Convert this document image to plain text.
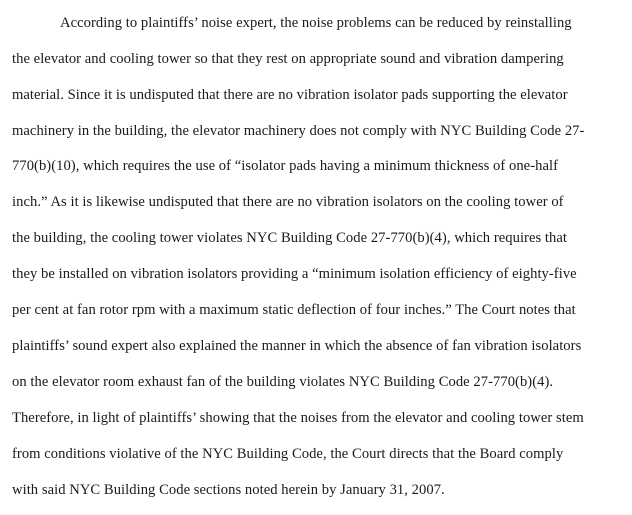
According to plaintiffs’ noise expert, the noise problems can be reduced by reinstalling
the elevator and cooling tower so that they rest on appropriate sound and vibration dampering
material. Since it is undisputed that there are no vibration isolator pads supporting the elevator
machinery in the building, the elevator machinery does not comply with NYC Building Code 27-
770(b)(10), which requires the use of “isolator pads having a minimum thickness of one-half
inch.” As it is likewise undisputed that there are no vibration isolators on the cooling tower of
the building, the cooling tower violates NYC Building Code 27-770(b)(4), which requires that
they be installed on vibration isolators providing a “minimum isolation efficiency of eighty-five
per cent at fan rotor rpm with a maximum static deflection of four inches.” The Court notes that
plaintiffs’ sound expert also explained the manner in which the absence of fan vibration isolators
on the elevator room exhaust fan of the building violates NYC Building Code 27-770(b)(4).
Therefore, in light of plaintiffs’ showing that the noises from the elevator and cooling tower stem
from conditions violative of the NYC Building Code, the Court directs that the Board comply
with said NYC Building Code sections noted herein by January 31, 2007.
